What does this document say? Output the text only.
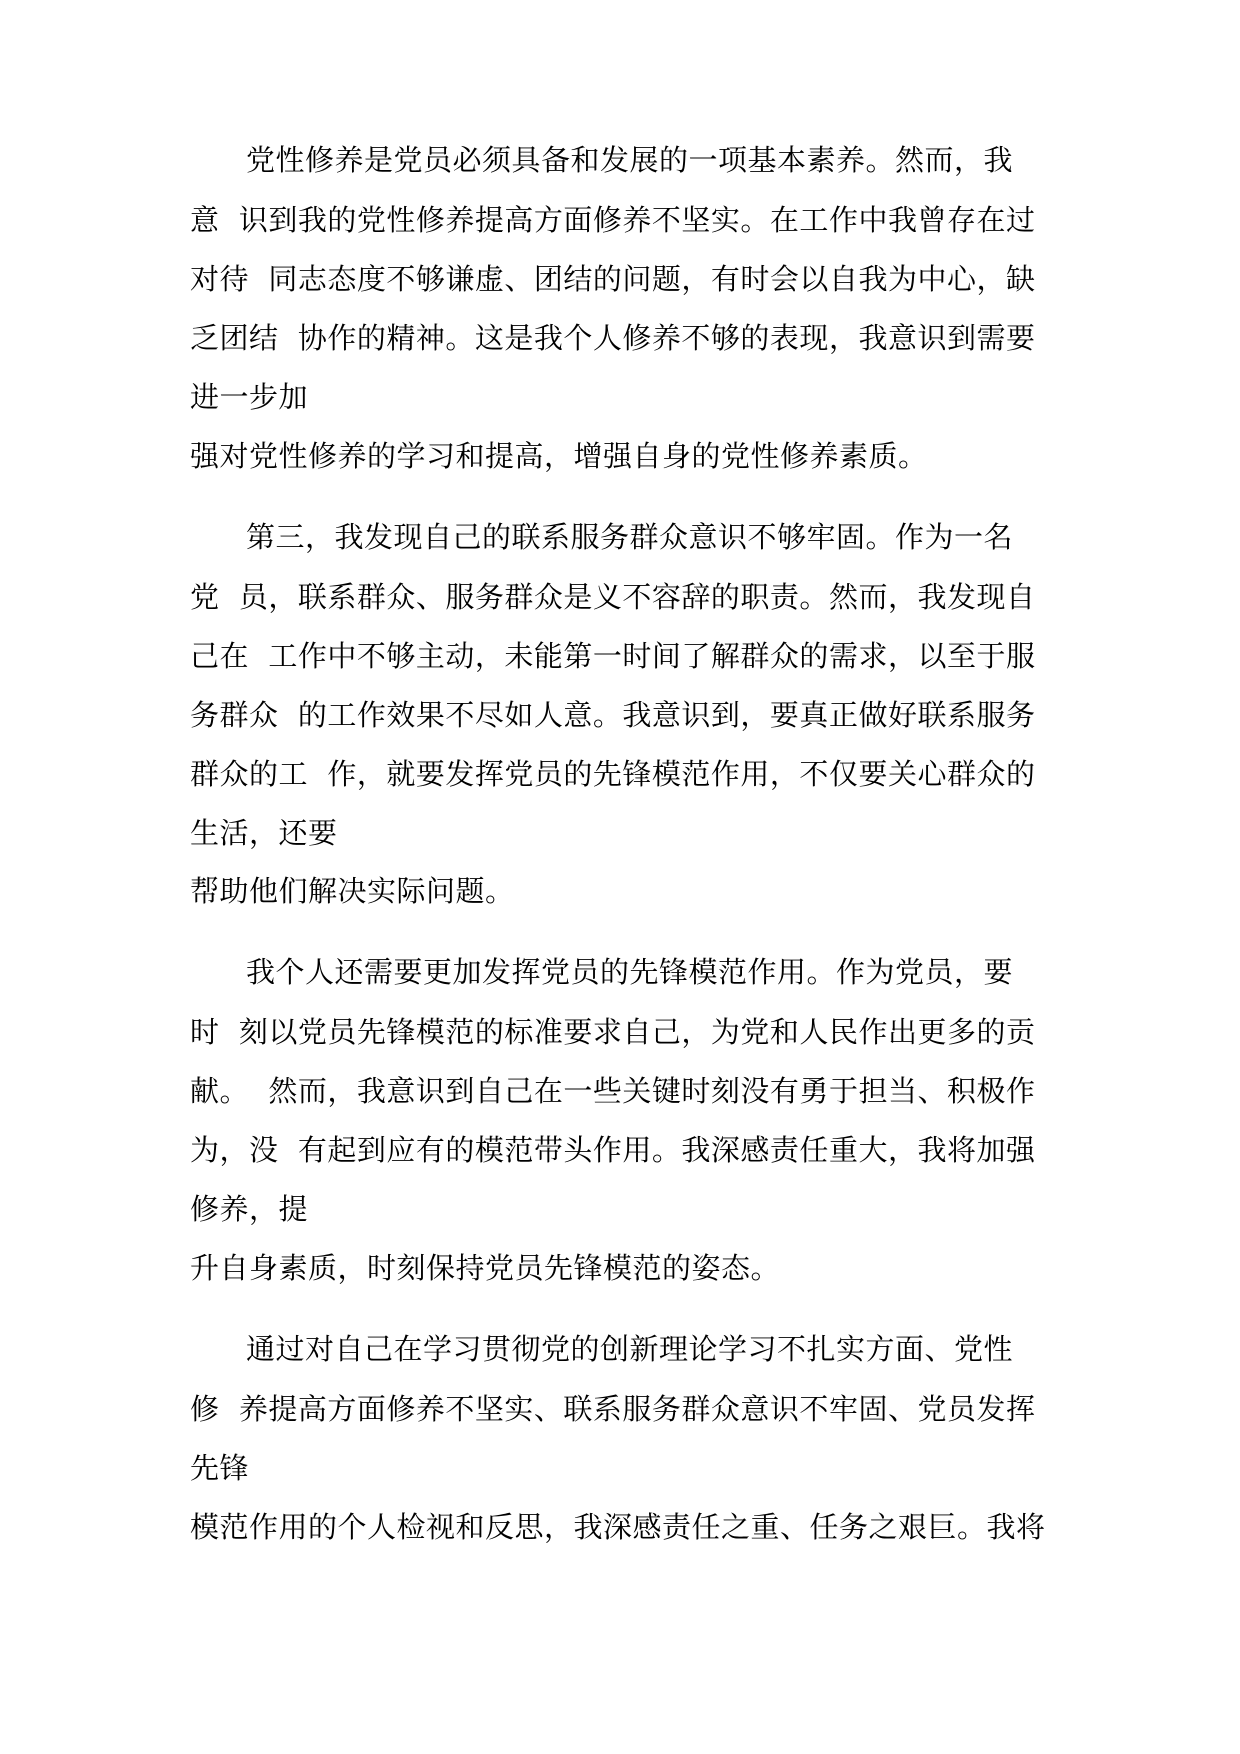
党性修养是党员必须具备和发展的一项基本素养。然而，我
意  识到我的党性修养提高方面修养不坚实。在工作中我曾存在过
对待  同志态度不够谦虚、团结的问题，有时会以自我为中心，缺
乏团结  协作的精神。这是我个人修养不够的表现，我意识到需要
进一步加
强对党性修养的学习和提高，增强自身的党性修养素质。
第三，我发现自己的联系服务群众意识不够牢固。作为一名
党  员，联系群众、服务群众是义不容辞的职责。然而，我发现自
己在  工作中不够主动，未能第一时间了解群众的需求，以至于服
务群众  的工作效果不尽如人意。我意识到，要真正做好联系服务
群众的工  作，就要发挥党员的先锋模范作用，不仅要关心群众的
生活，还要
帮助他们解决实际问题。
我个人还需要更加发挥党员的先锋模范作用。作为党员，要
时  刻以党员先锋模范的标准要求自己，为党和人民作出更多的贡
献。  然而，我意识到自己在一些关键时刻没有勇于担当、积极作
为，没  有起到应有的模范带头作用。我深感责任重大，我将加强
修养，提
升自身素质，时刻保持党员先锋模范的姿态。
通过对自己在学习贯彻党的创新理论学习不扎实方面、党性
修  养提高方面修养不坚实、联系服务群众意识不牢固、党员发挥
先锋
模范作用的个人检视和反思，我深感责任之重、任务之艰巨。我将
